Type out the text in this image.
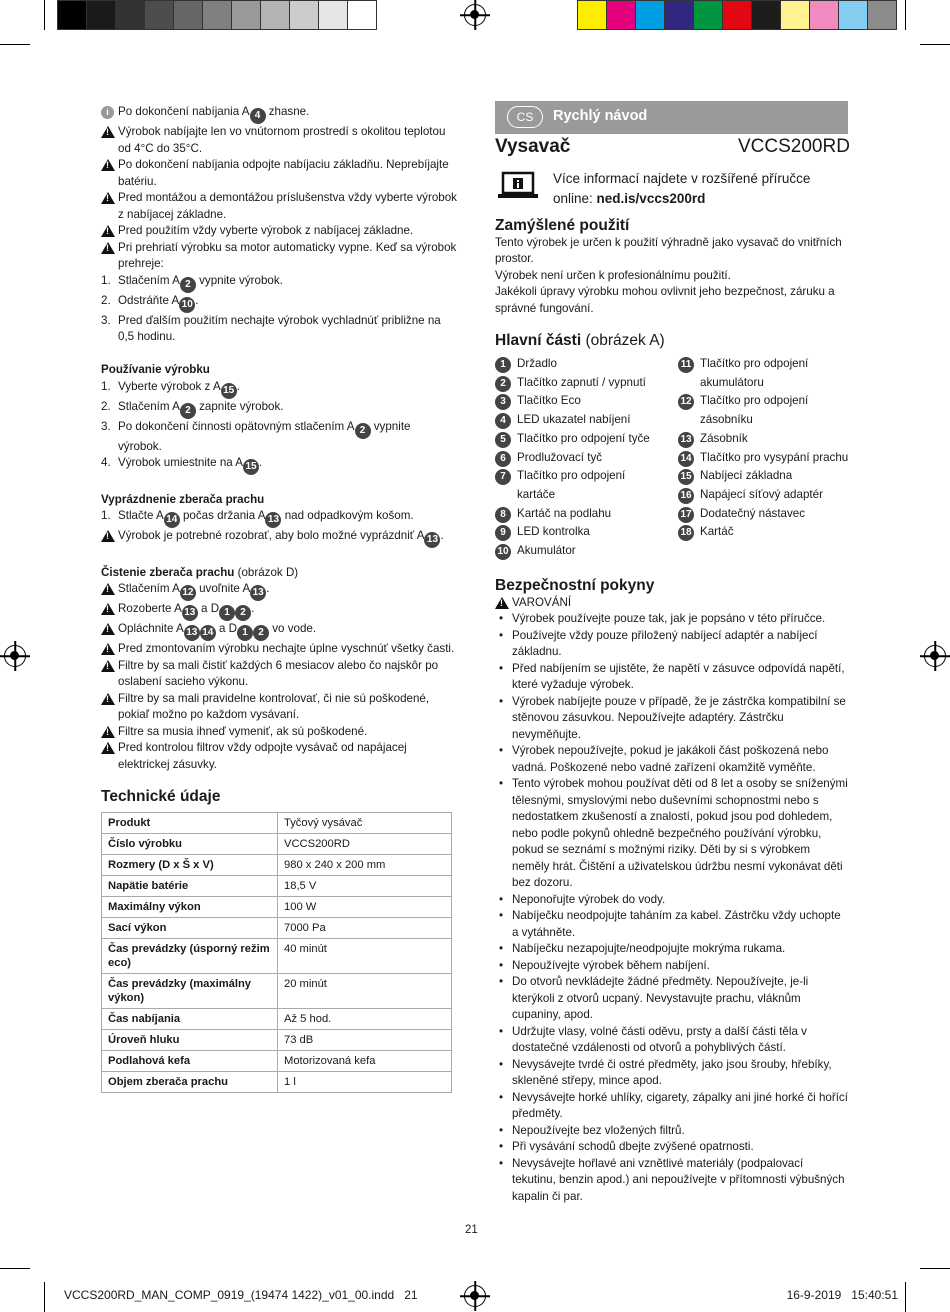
i Po dokončení nabíjania A 4 zhasne.
!
Výrobok nabíjajte len vo vnútornom prostredí s okolitou teplotou od 4°C do 35°C.
!
Po dokončení nabíjania odpojte nabíjaciu základňu. Neprebíjajte batériu.
!
Pred montážou a demontážou príslušenstva vždy vyberte výrobok z nabíjacej základne.
!
Pred použitím vždy vyberte výrobok z nabíjacej základne.
!
Pri prehriatí výrobku sa motor automaticky vypne. Keď sa výrobok prehreje:
1. Stlačením A 2 vypnite výrobok.
2. Odstráňte A 10 .
3. Pred ďalším použitím nechajte výrobok vychladnúť približne na 0,5 hodinu.
Používanie výrobku
1. Vyberte výrobok z A 15 .
2. Stlačením A 2 zapnite výrobok.
3. Po dokončení činnosti opätovným stlačením A 2 vypnite výrobok.
4. Výrobok umiestnite na A 15 .
Vyprázdnenie zberača prachu
1. Stlačte A 14 počas držania A 13 nad odpadkovým košom.
!
Výrobok je potrebné rozobrať, aby bolo možné vyprázdniť A 13 .
Čistenie zberača prachu (obrázok D)
!
Stlačením A 12 uvoľnite A 13 .
!
Rozoberte A 13 a D 1 2 .
!
Opláchnite A 13 14 a D 1 2 vo vode.
!
Pred zmontovaním výrobku nechajte úplne vyschnúť všetky časti.
!
Filtre by sa mali čistiť každých 6 mesiacov alebo čo najskôr po oslabení sacieho výkonu.
!
Filtre by sa mali pravidelne kontrolovať, či nie sú poškodené, pokiaľ možno po každom vysávaní.
!
Filtre sa musia ihneď vymeniť, ak sú poškodené.
!
Pred kontrolou filtrov vždy odpojte vysávač od napájacej elektrickej zásuvky.
Technické údaje
Produkt	Tyčový vysávač
Číslo výrobku	VCCS200RD
Rozmery (D x Š x V)	980 x 240 x 200 mm
Napätie batérie	18,5 V
Maximálny výkon	100 W
Sací výkon	7000 Pa
Čas prevádzky (úsporný režim eco)	40 minút
Čas prevádzky (maximálny výkon)	20 minút
Čas nabíjania	Až 5 hod.
Úroveň hluku	73 dB
Podlahová kefa	Motorizovaná kefa
Objem zberača prachu	1 l
CS	Rychlý návod
Vysavač	VCCS200RD
Více informací najdete v rozšířené příručce
online: ned.is/vccs200rd
Zamýšlené použití
Tento výrobek je určen k použití výhradně jako vysavač do vnitřních prostor.
Výrobek není určen k profesionálnímu použití.
Jakékoli úpravy výrobku mohou ovlivnit jeho bezpečnost, záruku a správné fungování.
Hlavní části (obrázek A)
1 Držadlo
2 Tlačítko zapnutí / vypnutí
3 Tlačítko Eco
4 LED ukazatel nabíjení
5 Tlačítko pro odpojení tyče
6 Prodlužovací tyč
7 Tlačítko pro odpojení kartáče
8 Kartáč na podlahu
9 LED kontrolka
10 Akumulátor
11 Tlačítko pro odpojení akumulátoru
12 Tlačítko pro odpojení zásobníku
13 Zásobník
14 Tlačítko pro vysypání prachu
15 Nabíjecí základna
16 Napájecí síťový adaptér
17 Dodatečný nástavec
18 Kartáč
Bezpečnostní pokyny
!
VAROVÁNÍ
• Výrobek používejte pouze tak, jak je popsáno v této příručce.
• Používejte vždy pouze přiložený nabíjecí adaptér a nabíjecí základnu.
• Před nabíjením se ujistěte, že napětí v zásuvce odpovídá napětí, které vyžaduje výrobek.
• Výrobek nabíjejte pouze v případě, že je zástrčka kompatibilní se stěnovou zásuvkou. Nepoužívejte adaptéry. Zástrčku nevyměňujte.
• Výrobek nepoužívejte, pokud je jakákoli část poškozená nebo vadná. Poškozené nebo vadné zařízení okamžitě vyměňte.
• Tento výrobek mohou používat děti od 8 let a osoby se sníženými tělesnými, smyslovými nebo duševními schopnostmi nebo s nedostatkem zkušeností a znalostí, pokud jsou pod dohledem, nebo podle pokynů ohledně bezpečného používání výrobku, pokud se seznámí s možnými riziky. Děti by si s výrobkem neměly hrát. Čištění a uživatelskou údržbu nesmí vykonávat děti bez dozoru.
• Neponořujte výrobek do vody.
• Nabíječku neodpojujte taháním za kabel. Zástrčku vždy uchopte a vytáhněte.
• Nabíječku nezapojujte/neodpojujte mokrýma rukama.
• Nepoužívejte výrobek během nabíjení.
• Do otvorů nevkládejte žádné předměty. Nepoužívejte, je-li kterýkoli z otvorů ucpaný. Nevystavujte prachu, vláknům cupaniny, apod.
• Udržujte vlasy, volné části oděvu, prsty a další části těla v dostatečné vzdálenosti od otvorů a pohyblivých částí.
• Nevysávejte tvrdé či ostré předměty, jako jsou šrouby, hřebíky, skleněné střepy, mince apod.
• Nevysávejte horké uhlíky, cigarety, zápalky ani jiné horké či hořící předměty.
• Nepoužívejte bez vložených filtrů.
• Při vysávání schodů dbejte zvýšené opatrnosti.
• Nevysávejte hořlavé ani vznětlivé materiály (podpalovací tekutinu, benzin apod.) ani nepoužívejte v přítomnosti výbušných kapalin či par.
21
VCCS200RD_MAN_COMP_0919_(19474 1422)_v01_00.indd   21	16-9-2019   15:40:51
